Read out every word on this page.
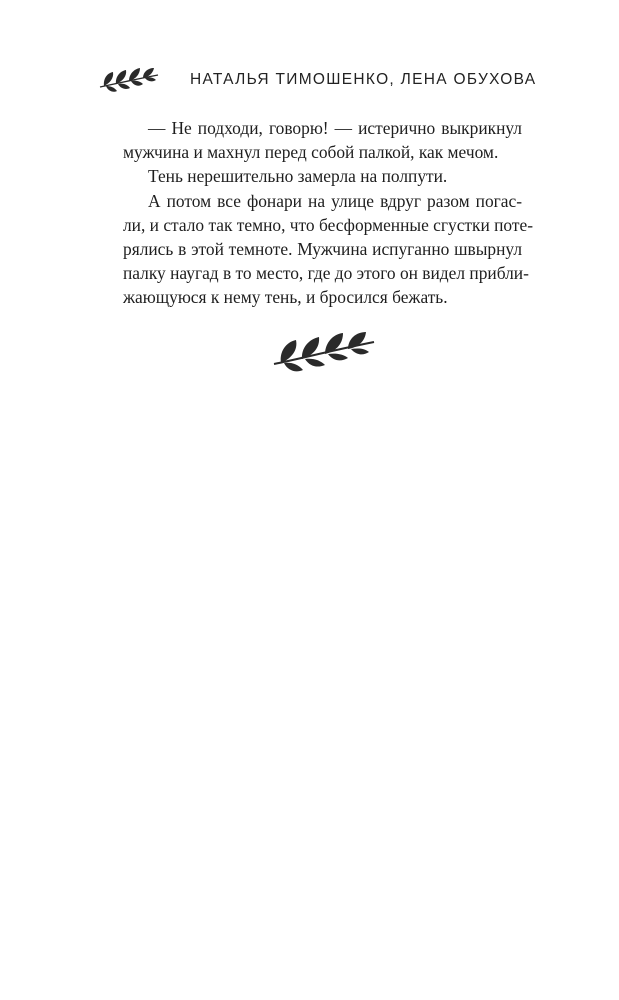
НАТАЛЬЯ ТИМОШЕНКО, ЛЕНА ОБУХОВА

— Не подходи, говорю! — истерично выкрикнул
мужчина и махнул перед собой палкой, как мечом.

Тень нерешительно замерла на полпути.

А потом все фонари на улице вдруг разом погас-
ли, и стало так темно, что бесформенные сгустки поте-
рялись в этой темноте. Мужчина испуганно швырнул
палку наугад в то место, где до этого он видел прибли-
жающуюся к нему тень, и бросился бежать.
